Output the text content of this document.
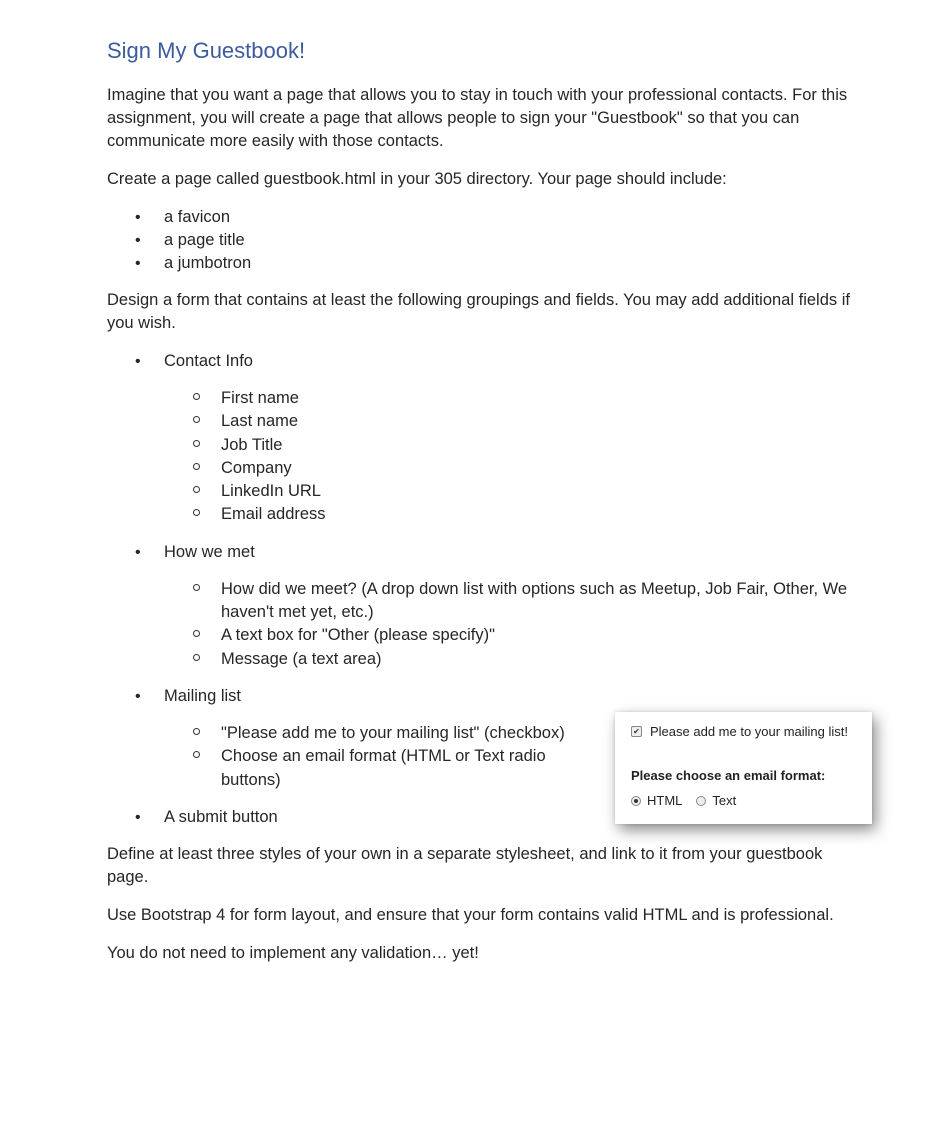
Sign My Guestbook!

Imagine that you want a page that allows you to stay in touch with your professional contacts. For this assignment, you will create a page that allows people to sign your "Guestbook" so that you can communicate more easily with those contacts.

Create a page called guestbook.html in your 305 directory. Your page should include:

• a favicon
• a page title
• a jumbotron

Design a form that contains at least the following groupings and fields. You may add additional fields if you wish.

• Contact Info
First name
Last name
Job Title
Company
LinkedIn URL
Email address
• How we met
How did we meet? (A drop down list with options such as Meetup, Job Fair, Other, We haven't met yet, etc.)
A text box for "Other (please specify)"
Message (a text area)
• Mailing list
"Please add me to your mailing list" (checkbox)
Choose an email format (HTML or Text radio buttons)
• A submit button

Define at least three styles of your own in a separate stylesheet, and link to it from your guestbook page.

Use Bootstrap 4 for form layout, and ensure that your form contains valid HTML and is professional.

You do not need to implement any validation… yet!

✔ Please add me to your mailing list!
Please choose an email format:
HTML Text
